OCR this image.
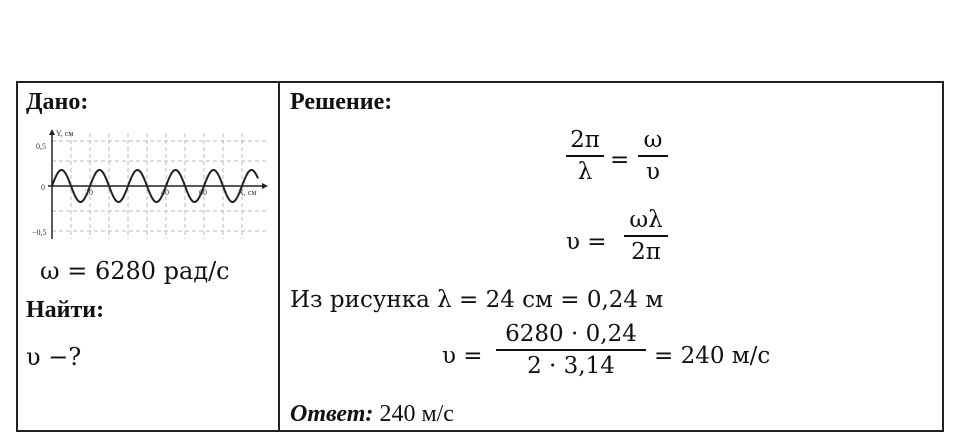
Дано:
Y, см
0,5
−0,5
0
20	40	60	X, см
ω = 6280 рад/с
Найти:
υ −?
Решение:
2π
λ =
ω
υ
υ =
ωλ
2π
Из рисунка λ = 24 см = 0,24 м
υ =
6280 · 0,24
2 · 3,14	= 240 м/с
Ответ: 240 м/с
